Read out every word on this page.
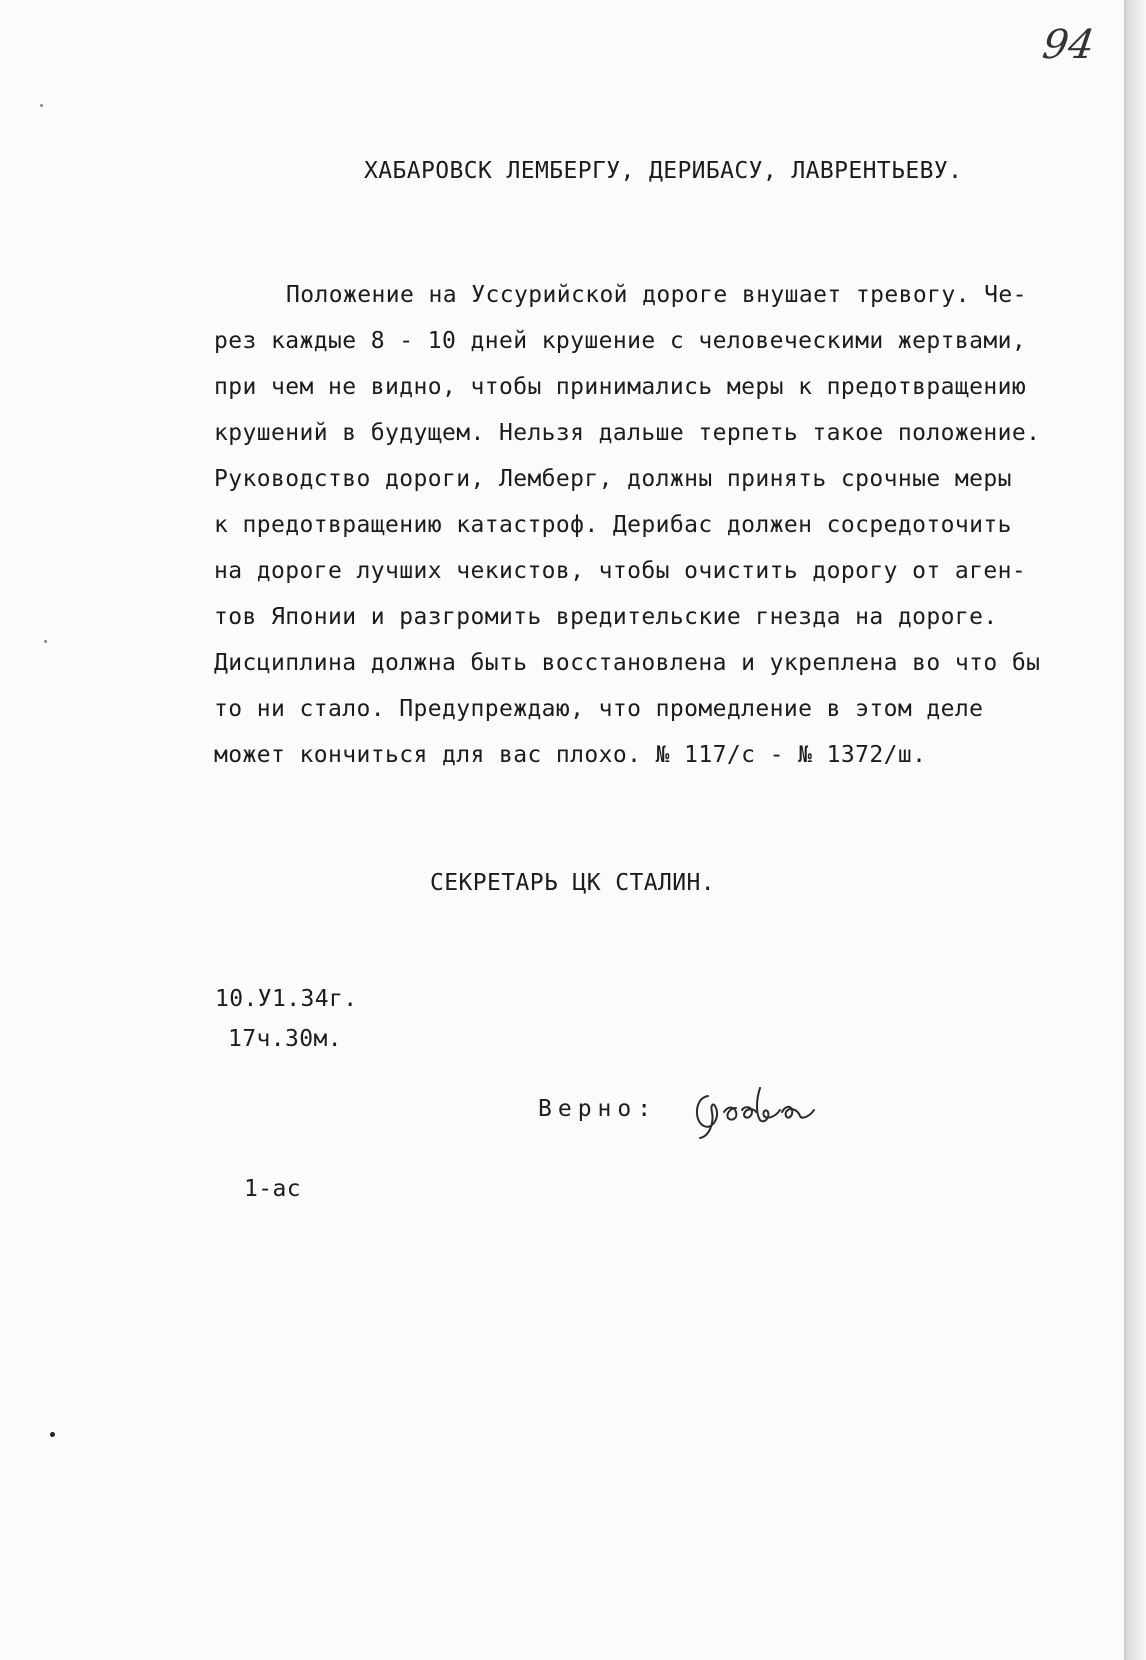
94
ХАБАРОВСК ЛЕМБЕРГУ, ДЕРИБАСУ, ЛАВРЕНТЬЕВУ.
Положение на Уссурийской дороге внушает тревогу. Че-
рез каждые 8 - 10 дней крушение с человеческими жертвами,
при чем не видно, чтобы принимались меры к предотвращению
крушений в будущем. Нельзя дальше терпеть такое положение.
Руководство дороги, Лемберг, должны принять срочные меры
к предотвращению катастроф. Дерибас должен сосредоточить
на дороге лучших чекистов, чтобы очистить дорогу от аген-
тов Японии и разгромить вредительские гнезда на дороге.
Дисциплина должна быть восстановлена и укреплена во что бы
то ни стало. Предупреждаю, что промедление в этом деле
может кончиться для вас плохо. № 117/с - № 1372/ш.
СЕКРЕТАРЬ ЦК СТАЛИН.
10.У1.34г.
17ч.30м.
Верно:
1-ас
